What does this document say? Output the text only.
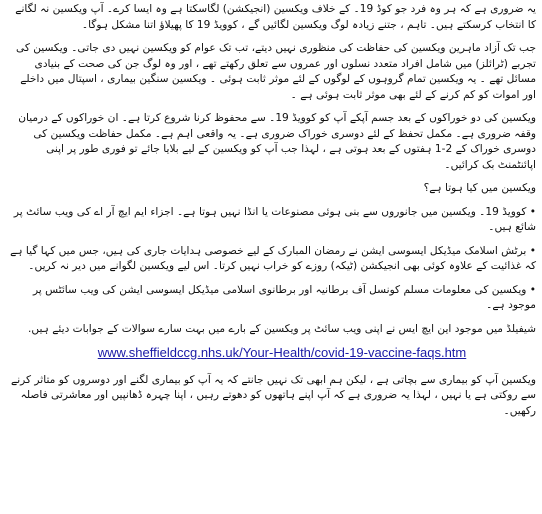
یہ ضروری ہے کہ ہر وہ فرد جو کوڈ 19۔ کے خلاف ویکسین (انجیکشن) لگاسکتا ہے وہ ایسا کرے۔ آپ ویکسین نہ لگانے کا انتخاب کرسکتے ہیں۔ تاہم ، جتنے زیادہ لوگ ویکسین لگائیں گے ، کوویڈ 19 کا پھیلاؤ اتنا مشکل ہوگا۔

جب تک آزاد ماہرین ویکسین کی حفاظت کی منظوری نہیں دیتے، تب تک عوام کو ویکسین نہیں دی جاتی۔ ویکسین کی تجربے (ٹرائلز) میں شامل افراد متعدد نسلوں اور عمروں سے تعلق رکھتے تھے ، اور وہ لوگ جن کی صحت کے بنیادی مسائل تھے ۔ یہ ویکسین تمام گروہوں کے لوگوں کے لئے موثر ثابت ہوئی ۔ ویکسین سنگین بیماری ، اسپتال میں داخلے اور اموات کو کم کرنے کے لئے بھی موثر ثابت ہوئی ہے ۔

ویکسین کی دو خوراکوں کے بعد جسم آپکے آپ کو کوویڈ 19۔ سے محفوظ کرنا شروع کرتا ہے۔ ان خوراکوں کے درمیان وقفہ ضروری ہے۔ مکمل تحفظ کے لئے دوسری خوراک ضروری ہے۔ یہ واقعی اہم ہے۔ مکمل حفاظت ویکسین کی دوسری خوراک کے 2-1 ہفتوں کے بعد ہوتی ہے ، لہذا جب آپ کو ویکسین کے لیے بلایا جائے تو فوری طور پر اپنی اپائنٹمنٹ بک کرائیں۔

ویکسین میں کیا ہوتا ہے؟

• کوویڈ 19۔ ویکسین میں جانوروں سے بنی ہوئی مصنوعات یا انڈا نہیں ہوتا ہے۔ اجزاء ایم ایچ آر اے کی ویب سائٹ پر شائع ہیں۔

• برٹش اسلامک میڈیکل ایسوسی ایشن نے رمضان المبارک کے لیے خصوصی ہدایات جاری کی ہیں، جس میں کہا گیا ہے کہ غذائیت کے علاوہ کوئی بھی انجیکشن (ٹیکہ) روزے کو خراب نہیں کرتا۔ اس لیے ویکسین لگوانے میں دیر نہ کریں۔

• ویکسین کی معلومات مسلم کونسل آف برطانیہ اور برطانوی اسلامی میڈیکل ایسوسی ایشن کی ویب سائٹس پر موجود ہے۔

شیفیلڈ میں موجود این ایچ ایس نے اپنی ویب سائٹ پر ویکسین کے بارے میں بہت سارے سوالات کے جوابات دیئے ہیں.

www.sheffieldccg.nhs.uk/Your-Health/covid-19-vaccine-faqs.htm

ویکسین آپ کو بیماری سے بچاتی ہے ، لیکن ہم ابھی تک نہیں جانتے کہ یہ آپ کو بیماری لگنے اور دوسروں کو متاثر کرنے سے روکتی ہے یا نہیں ، لہذا یہ ضروری ہے کہ آپ اپنے ہاتھوں کو دھوتے رہیں ، اپنا چہرہ ڈھانپیں اور معاشرتی فاصلہ رکھیں۔
